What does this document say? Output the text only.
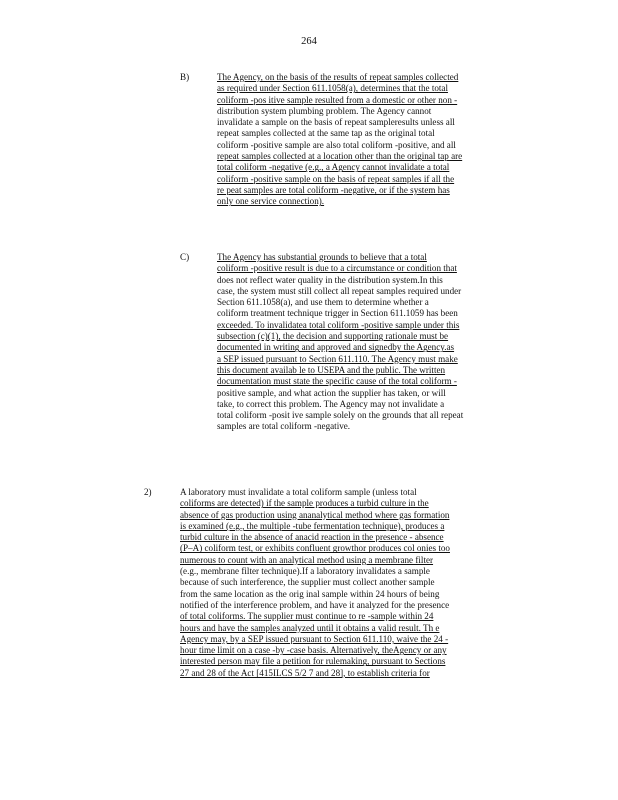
264
B)	The Agency, on the basis of the results of repeat samples collected
as required under Section 611.1058(a), determines that the total
coliform -pos itive sample resulted from a domestic or other non -
distribution system plumbing problem. The Agency cannot
invalidate a sample on the basis of repeat sampleresults unless all
repeat samples collected at the same tap as the original total
coliform -positive sample are also total coliform -positive, and all
repeat samples collected at a location other than the original tap are
total coliform -negative (e.g., a Agency cannot invalidate a total
coliform -positive sample on the basis of repeat samples if all the
re peat samples are total coliform -negative, or if the system has
only one service connection).
C)	The Agency has substantial grounds to believe that a total
coliform -positive result is due to a circumstance or condition that
does not reflect water quality in the distribution system.In this
case, the system must still collect all repeat samples required under
Section 611.1058(a), and use them to determine whether a
coliform treatment technique trigger in Section 611.1059 has been
exceeded. To invalidatea total coliform -positive sample under this
subsection (c)(1), the decision and supporting rationale must be
documented in writing and approved and signedby the Agency.as
a SEP issued pursuant to Section 611.110. The Agency must make
this document availab le to USEPA and the public. The written
documentation must state the specific cause of the total coliform -
positive sample, and what action the supplier has taken, or will
take, to correct this problem. The Agency may not invalidate a
total coliform -posit ive sample solely on the grounds that all repeat
samples are total coliform -negative.
2)	A laboratory must invalidate a total coliform sample (unless total
coliforms are detected) if the sample produces a turbid culture in the
absence of gas production using ananalytical method where gas formation
is examined (e.g., the multiple -tube fermentation technique), produces a
turbid culture in the absence of anacid reaction in the presence - absence
(P–A) coliform test, or exhibits confluent growthor produces col onies too
numerous to count with an analytical method using a membrane filter
(e.g., membrane filter technique).If a laboratory invalidates a sample
because of such interference, the supplier must collect another sample
from the same location as the orig inal sample within 24 hours of being
notified of the interference problem, and have it analyzed for the presence
of total coliforms. The supplier must continue to re -sample within 24
hours and have the samples analyzed until it obtains a valid result. Th e
Agency may, by a SEP issued pursuant to Section 611.110, waive the 24 -
hour time limit on a case -by -case basis. Alternatively, theAgency or any
interested person may file a petition for rulemaking, pursuant to Sections
27 and 28 of the Act [415ILCS 5/2 7 and 28], to establish criteria for
